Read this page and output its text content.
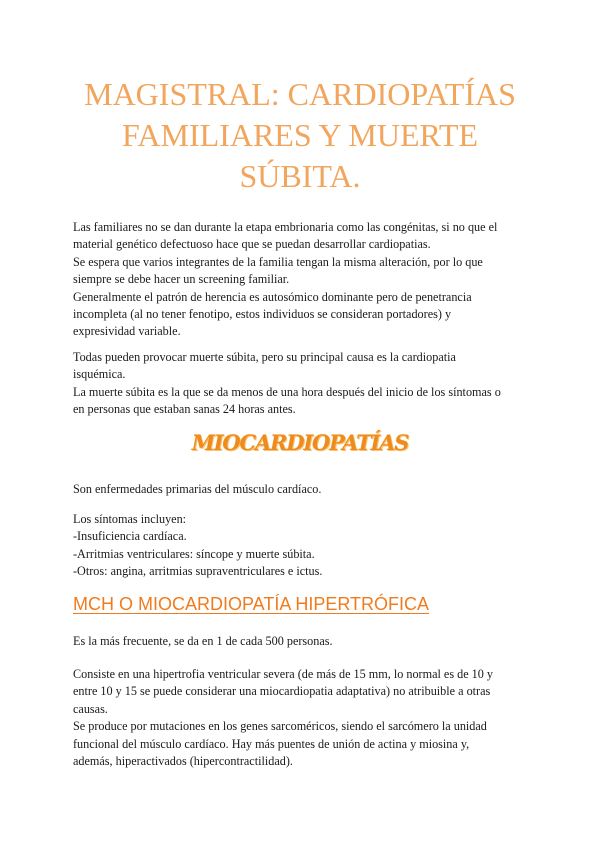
MAGISTRAL: CARDIOPATÍAS
FAMILIARES Y MUERTE
SÚBITA.

Las familiares no se dan durante la etapa embrionaria como las congénitas, si no que el
material genético defectuoso hace que se puedan desarrollar cardiopatias.
Se espera que varios integrantes de la familia tengan la misma alteración, por lo que
siempre se debe hacer un screening familiar.
Generalmente el patrón de herencia es autosómico dominante pero de penetrancia
incompleta (al no tener fenotipo, estos individuos se consideran portadores) y
expresividad variable.

Todas pueden provocar muerte súbita, pero su principal causa es la cardiopatia
isquémica.
La muerte súbita es la que se da menos de una hora después del inicio de los síntomas o
en personas que estaban sanas 24 horas antes.

MIOCARDIOPATÍAS

Son enfermedades primarias del músculo cardíaco.

Los síntomas incluyen:
-Insuficiencia cardíaca.
-Arritmias ventriculares: síncope y muerte súbita.
-Otros: angina, arritmias supraventriculares e ictus.

MCH O MIOCARDIOPATÍA HIPERTRÓFICA

Es la más frecuente, se da en 1 de cada 500 personas.

Consiste en una hipertrofia ventricular severa (de más de 15 mm, lo normal es de 10 y
entre 10 y 15 se puede considerar una miocardiopatia adaptativa) no atribuible a otras
causas.
Se produce por mutaciones en los genes sarcoméricos, siendo el sarcómero la unidad
funcional del músculo cardíaco. Hay más puentes de unión de actina y miosina y,
además, hiperactivados (hipercontractilidad).
